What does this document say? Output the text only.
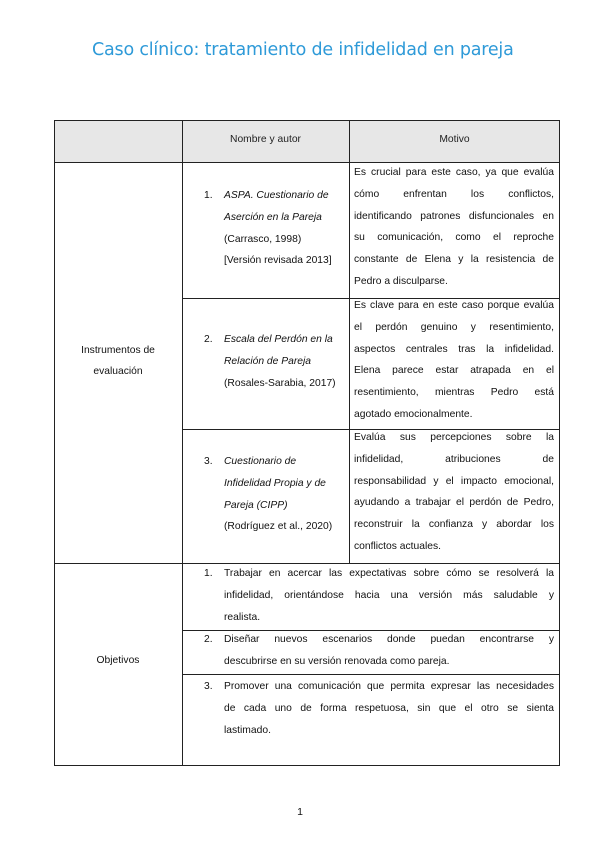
Caso clínico: tratamiento de infidelidad en pareja
Nombre y autor	Motivo
Instrumentos de
evaluación
1. ASPA. Cuestionario de
Aserción en la Pareja
(Carrasco, 1998)
[Versión revisada 2013]
Es crucial para este caso, ya que evalúa
cómo enfrentan los conflictos,
identificando patrones disfuncionales en
su comunicación, como el reproche
constante de Elena y la resistencia de
Pedro a disculparse.
2. Escala del Perdón en la
Relación de Pareja
(Rosales-Sarabia, 2017)
Es clave para en este caso porque evalúa
el perdón genuino y resentimiento,
aspectos centrales tras la infidelidad.
Elena parece estar atrapada en el
resentimiento, mientras Pedro está
agotado emocionalmente.
3. Cuestionario de
Infidelidad Propia y de
Pareja (CIPP)
(Rodríguez et al., 2020)
Evalúa sus percepciones sobre la
infidelidad, atribuciones de
responsabilidad y el impacto emocional,
ayudando a trabajar el perdón de Pedro,
reconstruir la confianza y abordar los
conflictos actuales.
Objetivos
1. Trabajar en acercar las expectativas sobre cómo se resolverá la
infidelidad, orientándose hacia una versión más saludable y
realista.
2. Diseñar nuevos escenarios donde puedan encontrarse y
descubrirse en su versión renovada como pareja.
3. Promover una comunicación que permita expresar las necesidades
de cada uno de forma respetuosa, sin que el otro se sienta
lastimado.
1
